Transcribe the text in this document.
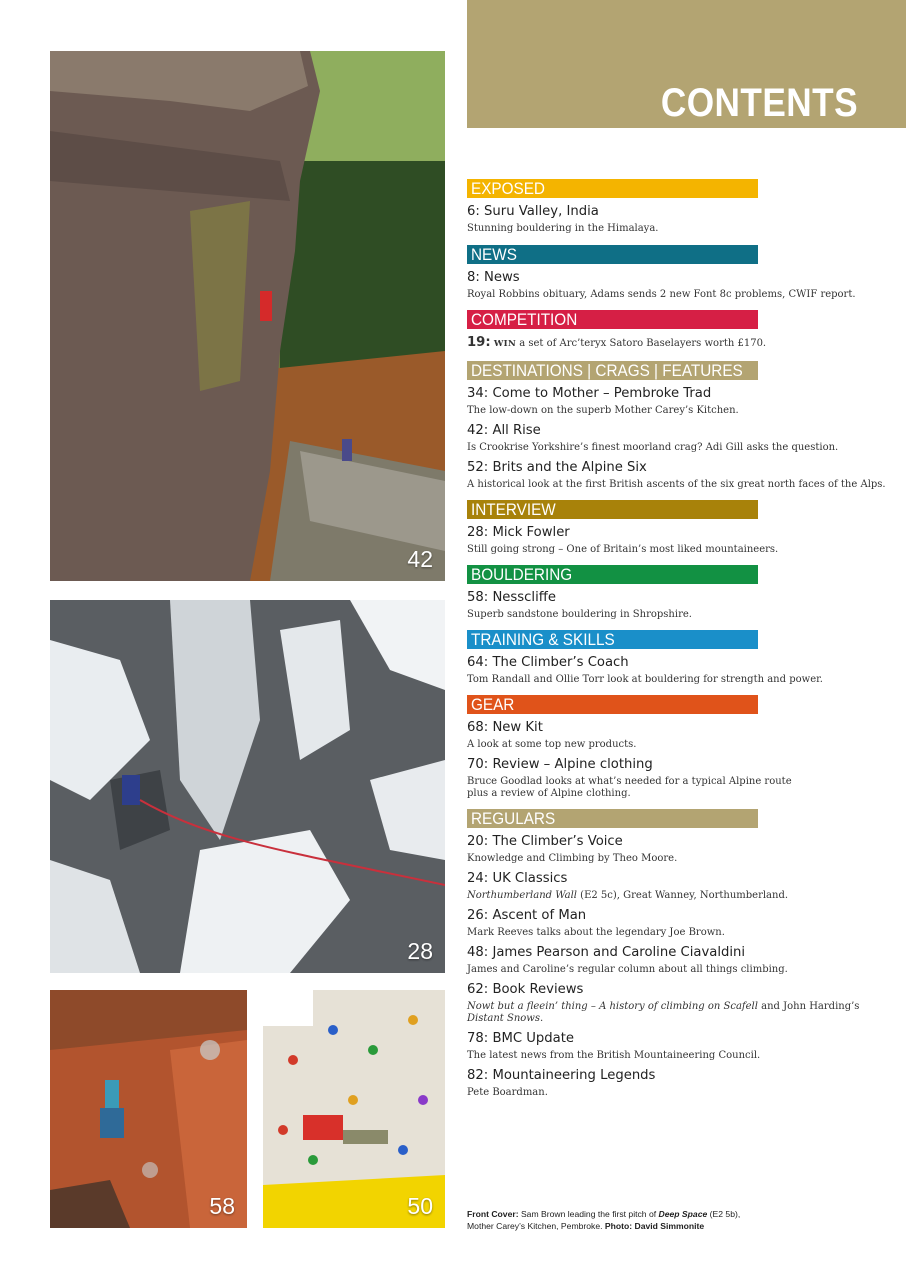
42
28
58	50
CONTENTS
EXPOSED
6: Suru Valley, India
Stunning bouldering in the Himalaya.
NEWS
8: News
Royal Robbins obituary, Adams sends 2 new Font 8c problems, CWIF report.
COMPETITION
19: WIN a set of Arc’teryx Satoro Baselayers worth £170.
DESTINATIONS | CRAGS | FEATURES
34: Come to Mother – Pembroke Trad
The low-down on the superb Mother Carey’s Kitchen.
42: All Rise
Is Crookrise Yorkshire’s finest moorland crag? Adi Gill asks the question.
52: Brits and the Alpine Six
A historical look at the first British ascents of the six great north faces of the Alps.
INTERVIEW
28: Mick Fowler
Still going strong – One of Britain’s most liked mountaineers.
BOULDERING
58: Nesscliffe
Superb sandstone bouldering in Shropshire.
TRAINING & SKILLS
64: The Climber’s Coach
Tom Randall and Ollie Torr look at bouldering for strength and power.
GEAR
68: New Kit
A look at some top new products.
70: Review – Alpine clothing
Bruce Goodlad looks at what’s needed for a typical Alpine route
plus a review of Alpine clothing.
REGULARS
20: The Climber’s Voice
Knowledge and Climbing by Theo Moore.
24: UK Classics
Northumberland Wall (E2 5c), Great Wanney, Northumberland.
26: Ascent of Man
Mark Reeves talks about the legendary Joe Brown.
48: James Pearson and Caroline Ciavaldini
James and Caroline’s regular column about all things climbing.
62: Book Reviews
Nowt but a fleein’ thing – A history of climbing on Scafell and John Harding’s
Distant Snows.
78: BMC Update
The latest news from the British Mountaineering Council.
82: Mountaineering Legends
Pete Boardman.
Front Cover: Sam Brown leading the first pitch of Deep Space (E2 5b),
Mother Carey’s Kitchen, Pembroke. Photo: David Simmonite
